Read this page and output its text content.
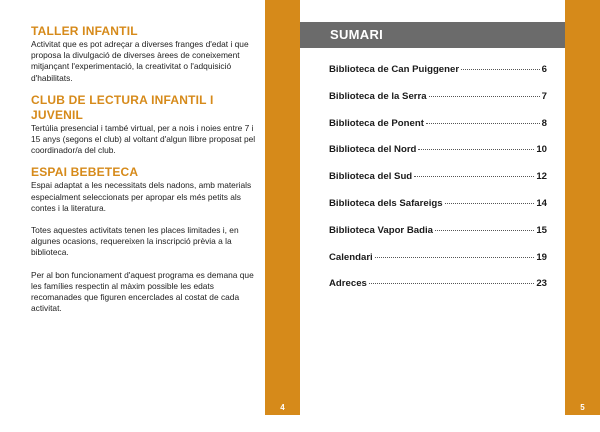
4
TALLER INFANTIL

Activitat que es pot adreçar a diverses franges d'edat i que proposa la divulgació de diverses àrees de coneixement mitjançant l'experimentació, la creativitat o l'adquisició d'habilitats.

CLUB DE LECTURA INFANTIL I JUVENIL

Tertúlia presencial i també virtual, per a nois i noies entre 7 i 15 anys (segons el club) al voltant d'algun llibre proposat pel coordinador/a del club.

ESPAI BEBETECA

Espai adaptat a les necessitats dels nadons, amb materials especialment seleccionats per apropar els més petits als contes i la literatura.

Totes aquestes activitats tenen les places limitades i, en algunes ocasions, requereixen la inscripció prèvia a la biblioteca.

Per al bon funcionament d'aquest programa es demana que les famílies respectin al màxim possible les edats recomanades que figuren encerclades al costat de cada activitat.

SUMARI
Biblioteca de Can Puiggener	6
Biblioteca de la Serra	7
Biblioteca de Ponent	8
Biblioteca del Nord	10
Biblioteca del Sud	12
Biblioteca dels Safareigs	14
Biblioteca Vapor Badia	15
Calendari	19
Adreces	23
5
